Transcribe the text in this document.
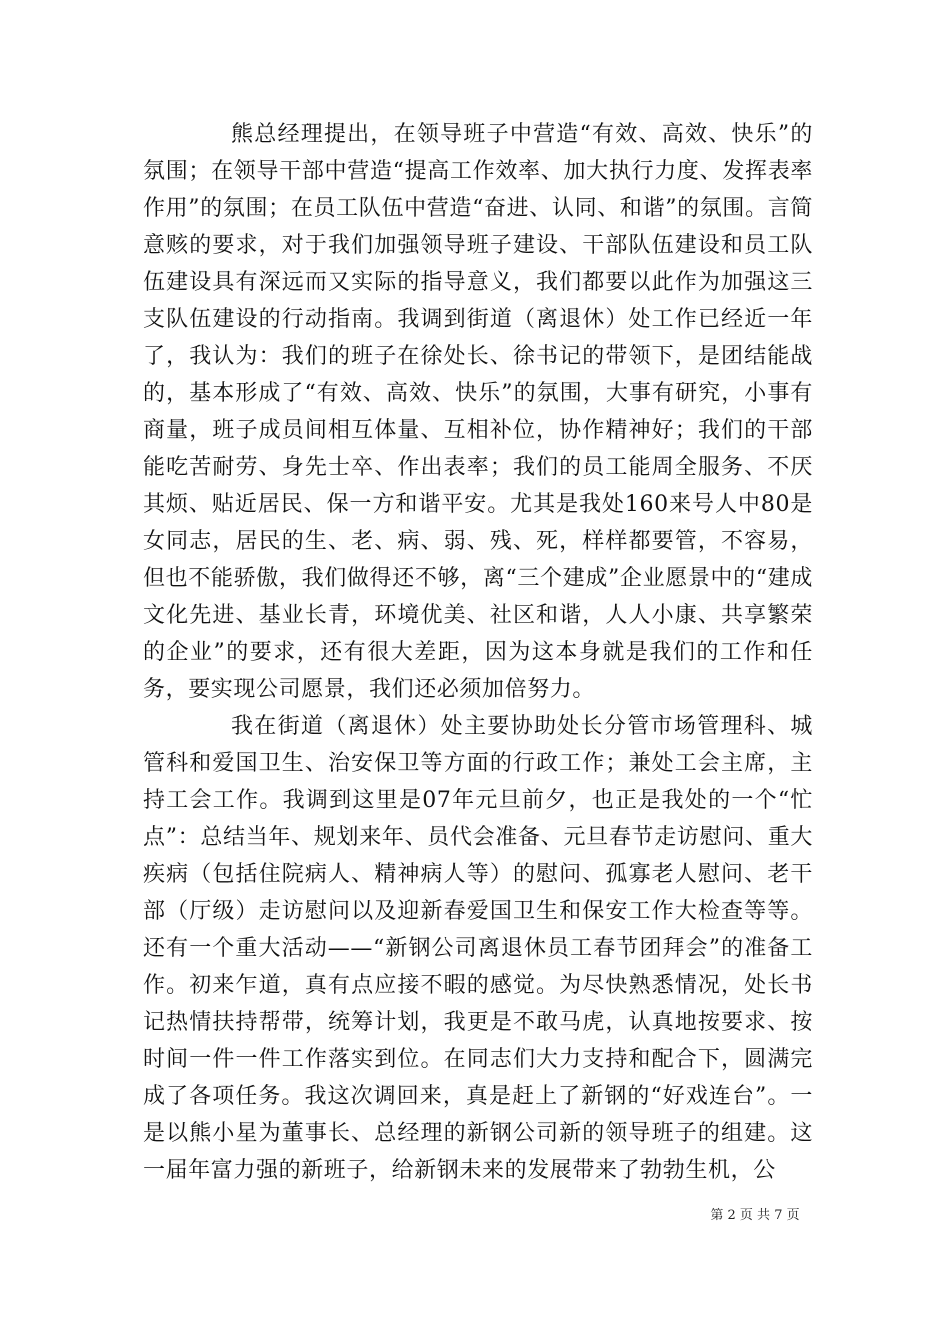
熊总经理提出，在领导班子中营造“有效、高效、快乐”的氛围；在领导干部中营造“提高工作效率、加大执行力度、发挥表率作用”的氛围；在员工队伍中营造“奋进、认同、和谐”的氛围。言简意赅的要求，对于我们加强领导班子建设、干部队伍建设和员工队伍建设具有深远而又实际的指导意义，我们都要以此作为加强这三支队伍建设的行动指南。我调到街道（离退休）处工作已经近一年了，我认为：我们的班子在徐处长、徐书记的带领下，是团结能战的，基本形成了“有效、高效、快乐”的氛围，大事有研究，小事有商量，班子成员间相互体量、互相补位，协作精神好；我们的干部能吃苦耐劳、身先士卒、作出表率；我们的员工能周全服务、不厌其烦、贴近居民、保一方和谐平安。尤其是我处160来号人中80是女同志，居民的生、老、病、弱、残、死，样样都要管，不容易，但也不能骄傲，我们做得还不够，离“三个建成”企业愿景中的“建成文化先进、基业长青，环境优美、社区和谐，人人小康、共享繁荣的企业”的要求，还有很大差距，因为这本身就是我们的工作和任务，要实现公司愿景，我们还必须加倍努力。

我在街道（离退休）处主要协助处长分管市场管理科、城管科和爱国卫生、治安保卫等方面的行政工作；兼处工会主席，主持工会工作。我调到这里是07年元旦前夕，也正是我处的一个“忙点”：总结当年、规划来年、员代会准备、元旦春节走访慰问、重大疾病（包括住院病人、精神病人等）的慰问、孤寡老人慰问、老干部（厅级）走访慰问以及迎新春爱国卫生和保安工作大检查等等。还有一个重大活动——“新钢公司离退休员工春节团拜会”的准备工作。初来乍道，真有点应接不暇的感觉。为尽快熟悉情况，处长书记热情扶持帮带，统筹计划，我更是不敢马虎，认真地按要求、按时间一件一件工作落实到位。在同志们大力支持和配合下，圆满完成了各项任务。我这次调回来，真是赶上了新钢的“好戏连台”。一是以熊小星为董事长、总经理的新钢公司新的领导班子的组建。这一届年富力强的新班子，给新钢未来的发展带来了勃勃生机，公

第 2 页 共 7 页
